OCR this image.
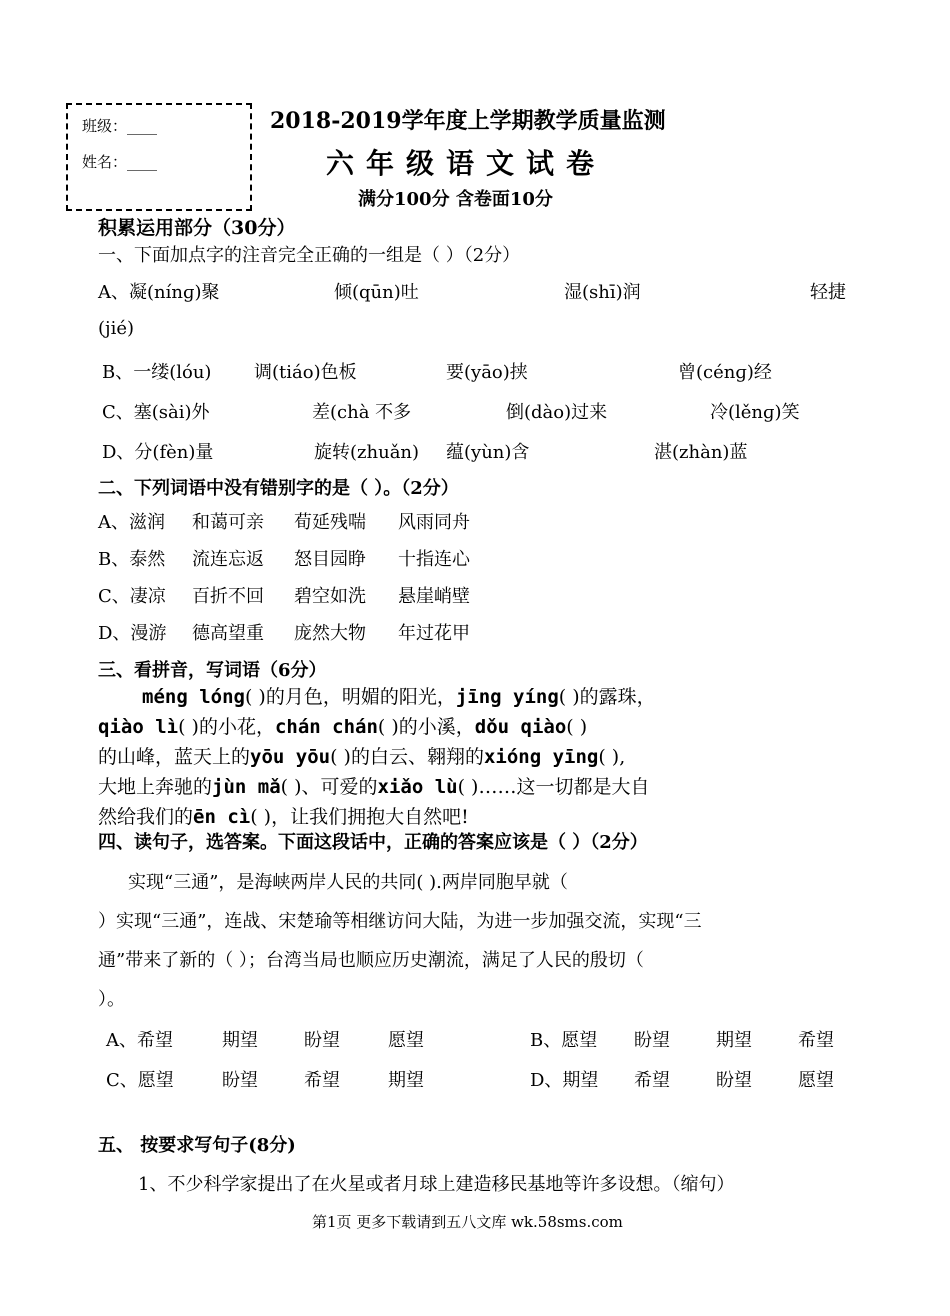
班级：____
姓名：____
2018-2019学年度上学期教学质量监测
六年级语文试卷
满分100分 含卷面10分
积累运用部分（30分）
一、下面加点字的注音完全正确的一组是（ ）（2分）
A、凝(nínɡ)聚	倾(qūn)吐	湿(shī)润	轻捷
(jié)
B、一缕(lóu) 调(tiáo)色板	要(yāo)挟	曾(cénɡ)经
C、塞(sài)外	差(chà 不多	倒(dào)过来	冷(lěnɡ)笑
D、分(fèn)量	旋转(zhuǎn) 蕴(yùn)含	湛(zhàn)蓝
二、下列词语中没有错别字的是（ ）。（2分）
A、滋润 和蔼可亲 荀延残喘 风雨同舟
B、泰然 流连忘返 怒目园睁 十指连心
C、凄凉 百折不回 碧空如洗 悬崖峭壁
D、漫游 德高望重 庞然大物 年过花甲
三、看拼音，写词语（6分）
méng lóng( )的月色，明媚的阳光，jīng yíng( )的露珠，
qiào lì( )的小花，chán chán( )的小溪，dǒu qiào( )
的山峰，蓝天上的yōu yōu( )的白云、翱翔的xióng yīng( ),
大地上奔驰的jùn mǎ( )、可爱的xiǎo lù( )……这一切都是大自
然给我们的ēn cì( )，让我们拥抱大自然吧!
四、读句子，选答案。下面这段话中，正确的答案应该是（ ）（2分）
实现“三通”，是海峡两岸人民的共同( ).两岸同胞早就（
）实现“三通”，连战、宋楚瑜等相继访问大陆，为进一步加强交流，实现“三
通”带来了新的（ ）；台湾当局也顺应历史潮流，满足了人民的殷切（
）。
A、希望	期望	盼望	愿望	B、愿望 盼望	期望	希望
C、愿望	盼望	希望	期望	D、期望 希望	盼望	愿望
五、 按要求写句子(8分)
1、不少科学家提出了在火星或者月球上建造移民基地等许多设想。（缩句）
第1页 更多下载请到五八文库 wk.58sms.com
